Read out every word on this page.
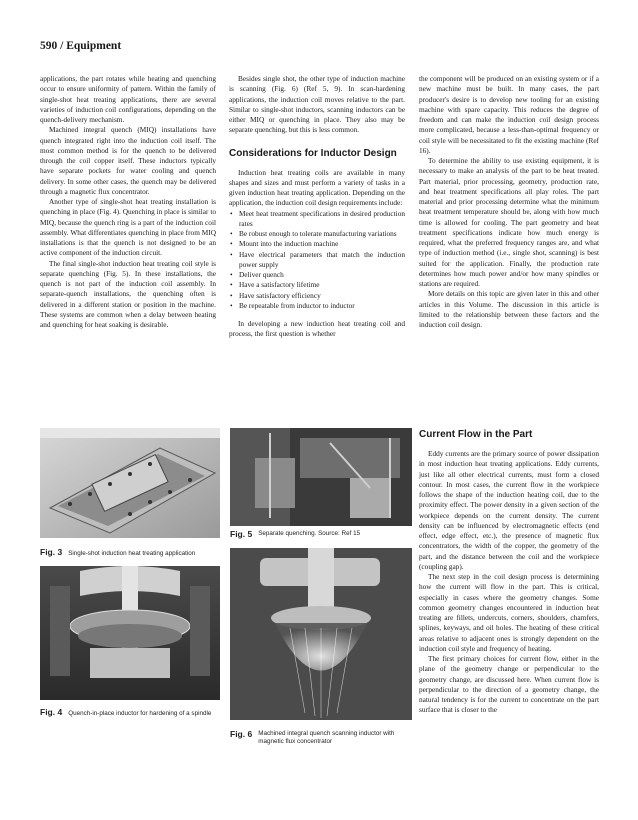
590 / Equipment

applications, the part rotates while heating and quenching occur to ensure uniformity of pattern. Within the family of single-shot heat treating applications, there are several varieties of induction coil configurations, depending on the quench-delivery mechanism.

Machined integral quench (MIQ) installations have quench integrated right into the induction coil itself. The most common method is for the quench to be delivered through the coil copper itself. These inductors typically have separate pockets for water cooling and quench delivery. In some other cases, the quench may be delivered through a magnetic flux concentrator.

Another type of single-shot heat treating installation is quenching in place (Fig. 4). Quenching in place is similar to MIQ, because the quench ring is a part of the induction coil assembly. What differentiates quenching in place from MIQ installations is that the quench is not designed to be an active component of the induction circuit.

The final single-shot induction heat treating coil style is separate quenching (Fig. 5). In these installations, the quench is not part of the induction coil assembly. In separate-quench installations, the quenching often is delivered in a different station or position in the machine. These systems are common when a delay between heating and quenching for heat soaking is desirable.

Besides single shot, the other type of induction machine is scanning (Fig. 6) (Ref 5, 9). In scan-hardening applications, the induction coil moves relative to the part. Similar to single-shot inductors, scanning inductors can be either MIQ or quenching in place. They also may be separate quenching, but this is less common.

Considerations for Inductor Design

Induction heat treating coils are available in many shapes and sizes and must perform a variety of tasks in a given induction heat treating application. Depending on the application, the induction coil design requirements include:

• Meet heat treatment specifications in desired production rates
• Be robust enough to tolerate manufacturing variations
• Mount into the induction machine
• Have electrical parameters that match the induction power supply
• Deliver quench
• Have a satisfactory lifetime
• Have satisfactory efficiency
• Be repeatable from inductor to inductor

In developing a new induction heat treating coil and process, the first question is whether

the component will be produced on an existing system or if a new machine must be built. In many cases, the part producer's desire is to develop new tooling for an existing machine with spare capacity. This reduces the degree of freedom and can make the induction coil design process more complicated, because a less-than-optimal frequency or coil style will be necessitated to fit the existing machine (Ref 16).

To determine the ability to use existing equipment, it is necessary to make an analysis of the part to be heat treated. Part material, prior processing, geometry, production rate, and heat treatment specifications all play roles. The part material and prior processing determine what the minimum heat treatment temperature should be, along with how much time is allowed for cooling. The part geometry and heat treatment specifications indicate how much energy is required, what the preferred frequency ranges are, and what type of induction method (i.e., single shot, scanning) is best suited for the application. Finally, the production rate determines how much power and/or how many spindles or stations are required.

More details on this topic are given later in this and other articles in this Volume. The discussion in this article is limited to the relationship between these factors and the induction coil design.

Current Flow in the Part

Eddy currents are the primary source of power dissipation in most induction heat treating applications. Eddy currents, just like all other electrical currents, must form a closed contour. In most cases, the current flow in the workpiece follows the shape of the induction heating coil, due to the proximity effect. The power density in a given section of the workpiece depends on the current density. The current density can be influenced by electromagnetic effects (end effect, edge effect, etc.), the presence of magnetic flux concentrators, the width of the copper, the geometry of the part, and the distance between the coil and the workpiece (coupling gap).

The next step in the coil design process is determining how the current will flow in the part. This is critical, especially in cases where the geometry changes. Some common geometry changes encountered in induction heat treating are fillets, undercuts, corners, shoulders, chamfers, splines, keyways, and oil holes. The heating of these critical areas relative to adjacent ones is strongly dependent on the induction coil style and frequency of heating.

The first primary choices for current flow, either in the plane of the geometry change or perpendicular to the geometry change, are discussed here. When current flow is perpendicular to the direction of a geometry change, the natural tendency is for the current to concentrate on the part surface that is closer to the

Fig. 3 Single-shot induction heat treating application
Fig. 4 Quench-in-place inductor for hardening of a spindle
Fig. 5 Separate quenching. Source: Ref 15
Fig. 6 Machined integral quench scanning inductor with magnetic flux concentrator
